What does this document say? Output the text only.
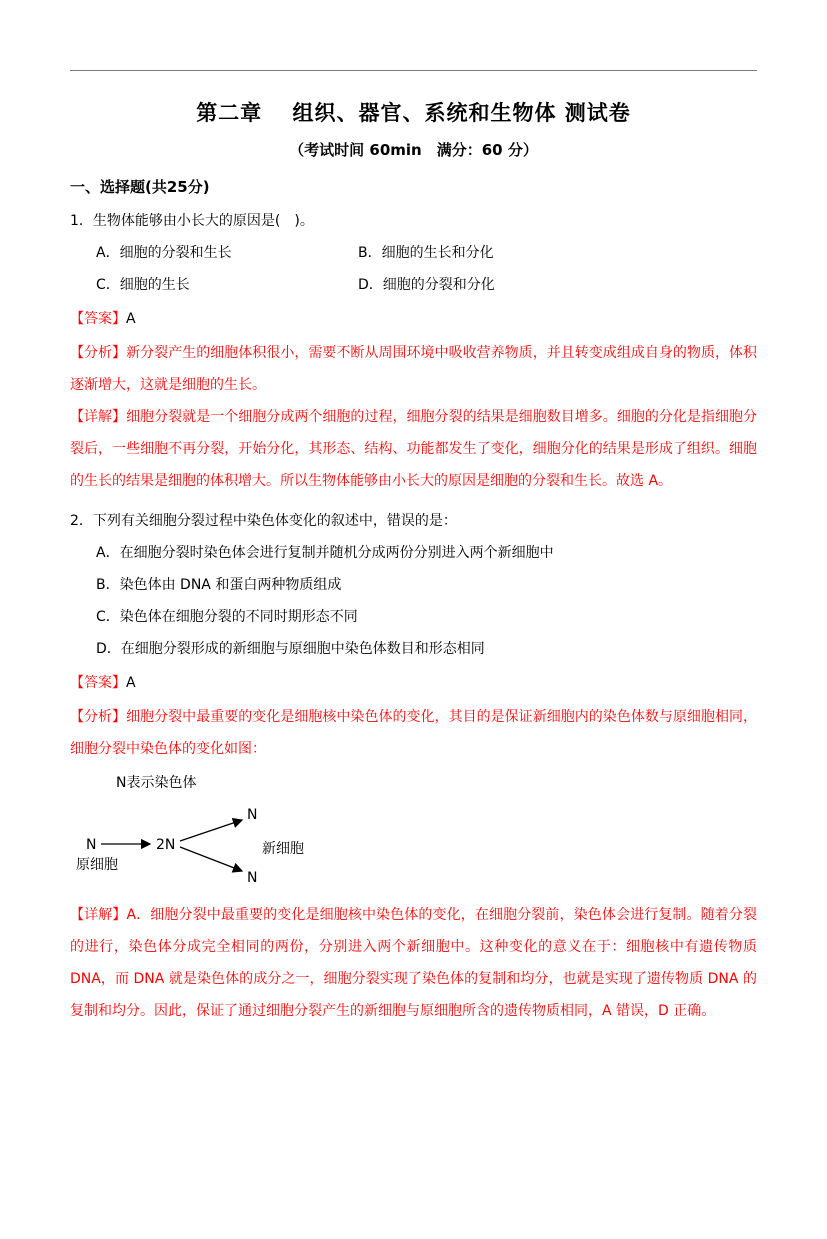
第二章　 组织、器官、系统和生物体 测试卷
（考试时间 60min　满分：60 分）
一、选择题(共25分)

1．生物体能够由小长大的原因是(　)。

A．细胞的分裂和生长	B．细胞的生长和分化
C．细胞的生长	D．细胞的分裂和分化

【答案】A

【分析】新分裂产生的细胞体积很小，需要不断从周围环境中吸收营养物质，并且转变成组成自身的物质，体积逐渐增大，这就是细胞的生长。

【详解】细胞分裂就是一个细胞分成两个细胞的过程，细胞分裂的结果是细胞数目增多。细胞的分化是指细胞分裂后，一些细胞不再分裂，开始分化，其形态、结构、功能都发生了变化，细胞分化的结果是形成了组织。细胞的生长的结果是细胞的体积增大。所以生物体能够由小长大的原因是细胞的分裂和生长。故选 A。

2．下列有关细胞分裂过程中染色体变化的叙述中，错误的是：

A．在细胞分裂时染色体会进行复制并随机分成两份分别进入两个新细胞中
B．染色体由 DNA 和蛋白两种物质组成
C．染色体在细胞分裂的不同时期形态不同
D．在细胞分裂形成的新细胞与原细胞中染色体数目和形态相同

【答案】A

【分析】细胞分裂中最重要的变化是细胞核中染色体的变化，其目的是保证新细胞内的染色体数与原细胞相同，细胞分裂中染色体的变化如图：

N表示染色体
N	2N
N
N
新细胞
原细胞

【详解】A．细胞分裂中最重要的变化是细胞核中染色体的变化，在细胞分裂前，染色体会进行复制。随着分裂的进行，染色体分成完全相同的两份，分别进入两个新细胞中。这种变化的意义在于：细胞核中有遗传物质 DNA，而 DNA 就是染色体的成分之一，细胞分裂实现了染色体的复制和均分，也就是实现了遗传物质 DNA 的复制和均分。因此，保证了通过细胞分裂产生的新细胞与原细胞所含的遗传物质相同，A 错误，D 正确。
